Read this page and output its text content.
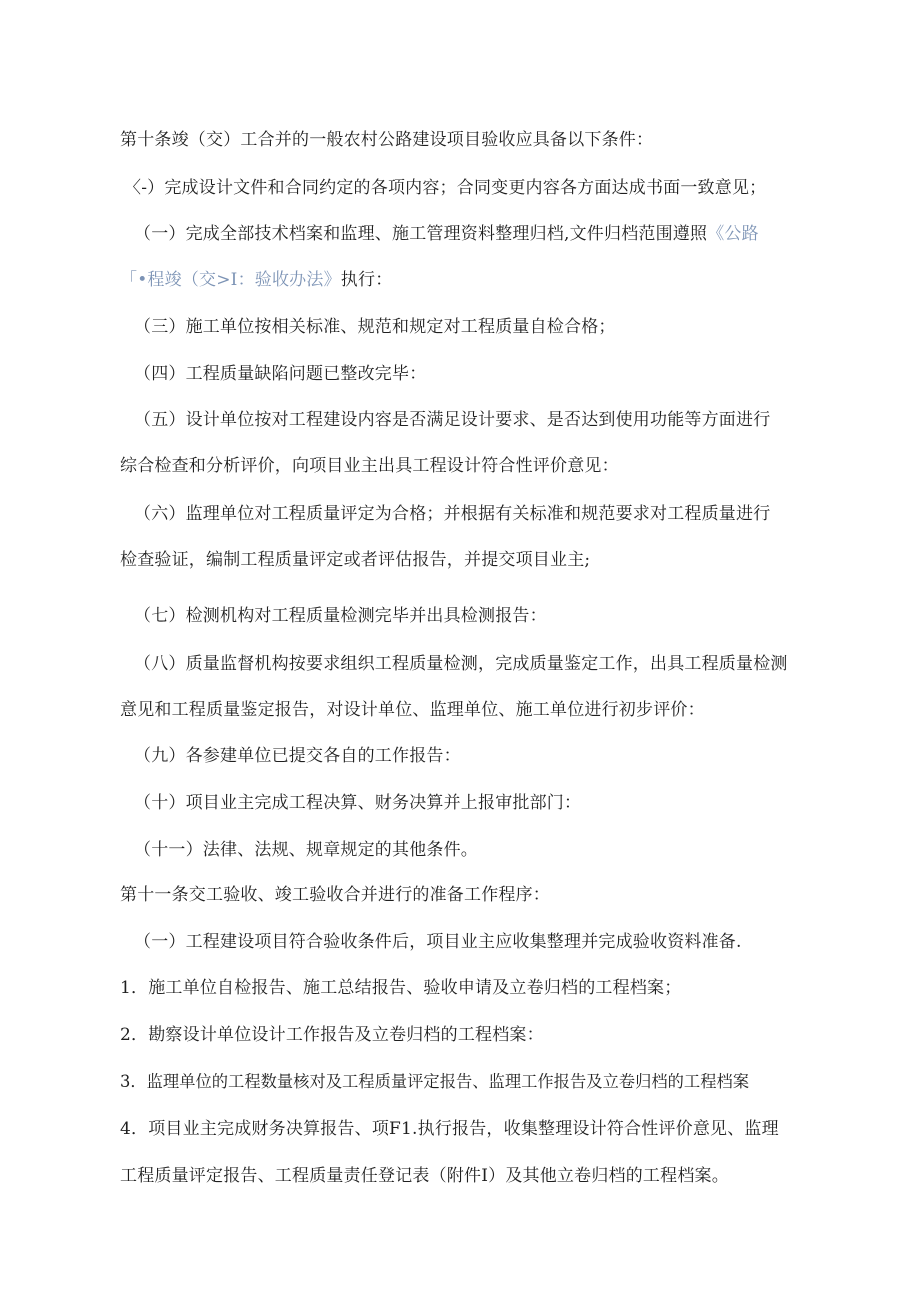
第十条竣（交）工合并的一般农村公路建设项目验收应具备以下条件：
〈-）完成设计文件和合同约定的各项内容；合同变更内容各方面达成书面一致意见；
（一）完成全部技术档案和监理、施工管理资料整理归档,文件归档范围遵照《公路
「•程竣（交>I：验收办法》执行：
（三）施工单位按相关标准、规范和规定对工程质量自检合格；
（四）工程质量缺陷问题已整改完毕：
（五）设计单位按对工程建设内容是否满足设计要求、是否达到使用功能等方面进行
综合检查和分析评价，向项目业主出具工程设计符合性评价意见：
（六）监理单位对工程质量评定为合格；并根据有关标准和规范要求对工程质量进行
检查验证，编制工程质量评定或者评估报告，并提交项目业主;
（七）检测机构对工程质量检测完毕并出具检测报告：
（八）质量监督机构按要求组织工程质量检测，完成质量鉴定工作，出具工程质量检测
意见和工程质量鉴定报告，对设计单位、监理单位、施工单位进行初步评价：
（九）各参建单位已提交各自的工作报告：
（十）项目业主完成工程决算、财务决算并上报审批部门：
（十一）法律、法规、规章规定的其他条件。
第十一条交工验收、竣工验收合并进行的准备工作程序：
（一）工程建设项目符合验收条件后，项目业主应收集整理并完成验收资料准备.
1．施工单位自检报告、施工总结报告、验收申请及立卷归档的工程档案；
2．勘察设计单位设计工作报告及立卷归档的工程档案：
3．监理单位的工程数量核对及工程质量评定报告、监理工作报告及立卷归档的工程档案
4．项目业主完成财务决算报告、项F1.执行报告，收集整理设计符合性评价意见、监理
工程质量评定报告、工程质量责任登记表（附件I）及其他立卷归档的工程档案。
